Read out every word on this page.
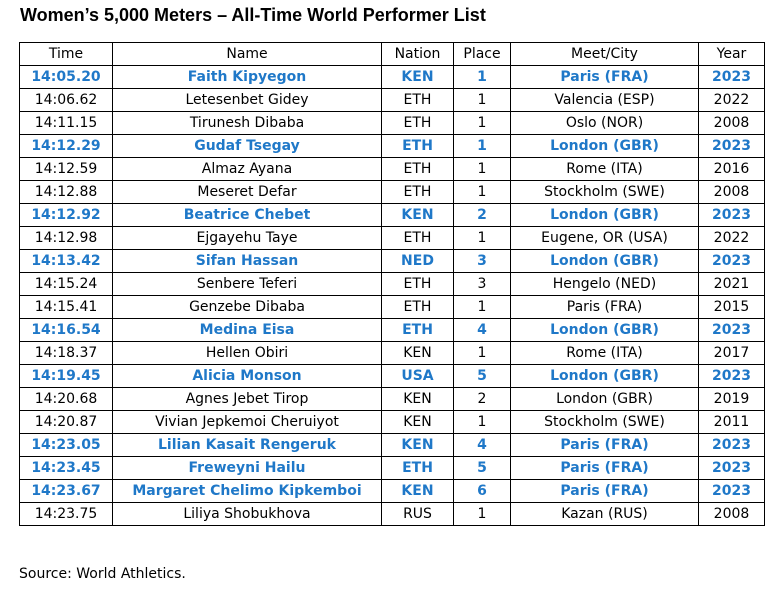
Women’s 5,000 Meters – All-Time World Performer List
Time	Name	Nation	Place	Meet/City	Year
14:05.20	Faith Kipyegon	KEN	1	Paris (FRA)	2023
14:06.62	Letesenbet Gidey	ETH	1	Valencia (ESP)	2022
14:11.15	Tirunesh Dibaba	ETH	1	Oslo (NOR)	2008
14:12.29	Gudaf Tsegay	ETH	1	London (GBR)	2023
14:12.59	Almaz Ayana	ETH	1	Rome (ITA)	2016
14:12.88	Meseret Defar	ETH	1	Stockholm (SWE)	2008
14:12.92	Beatrice Chebet	KEN	2	London (GBR)	2023
14:12.98	Ejgayehu Taye	ETH	1	Eugene, OR (USA)	2022
14:13.42	Sifan Hassan	NED	3	London (GBR)	2023
14:15.24	Senbere Teferi	ETH	3	Hengelo (NED)	2021
14:15.41	Genzebe Dibaba	ETH	1	Paris (FRA)	2015
14:16.54	Medina Eisa	ETH	4	London (GBR)	2023
14:18.37	Hellen Obiri	KEN	1	Rome (ITA)	2017
14:19.45	Alicia Monson	USA	5	London (GBR)	2023
14:20.68	Agnes Jebet Tirop	KEN	2	London (GBR)	2019
14:20.87	Vivian Jepkemoi Cheruiyot	KEN	1	Stockholm (SWE)	2011
14:23.05	Lilian Kasait Rengeruk	KEN	4	Paris (FRA)	2023
14:23.45	Freweyni Hailu	ETH	5	Paris (FRA)	2023
14:23.67	Margaret Chelimo Kipkemboi	KEN	6	Paris (FRA)	2023
14:23.75	Liliya Shobukhova	RUS	1	Kazan (RUS)	2008
Source: World Athletics.
